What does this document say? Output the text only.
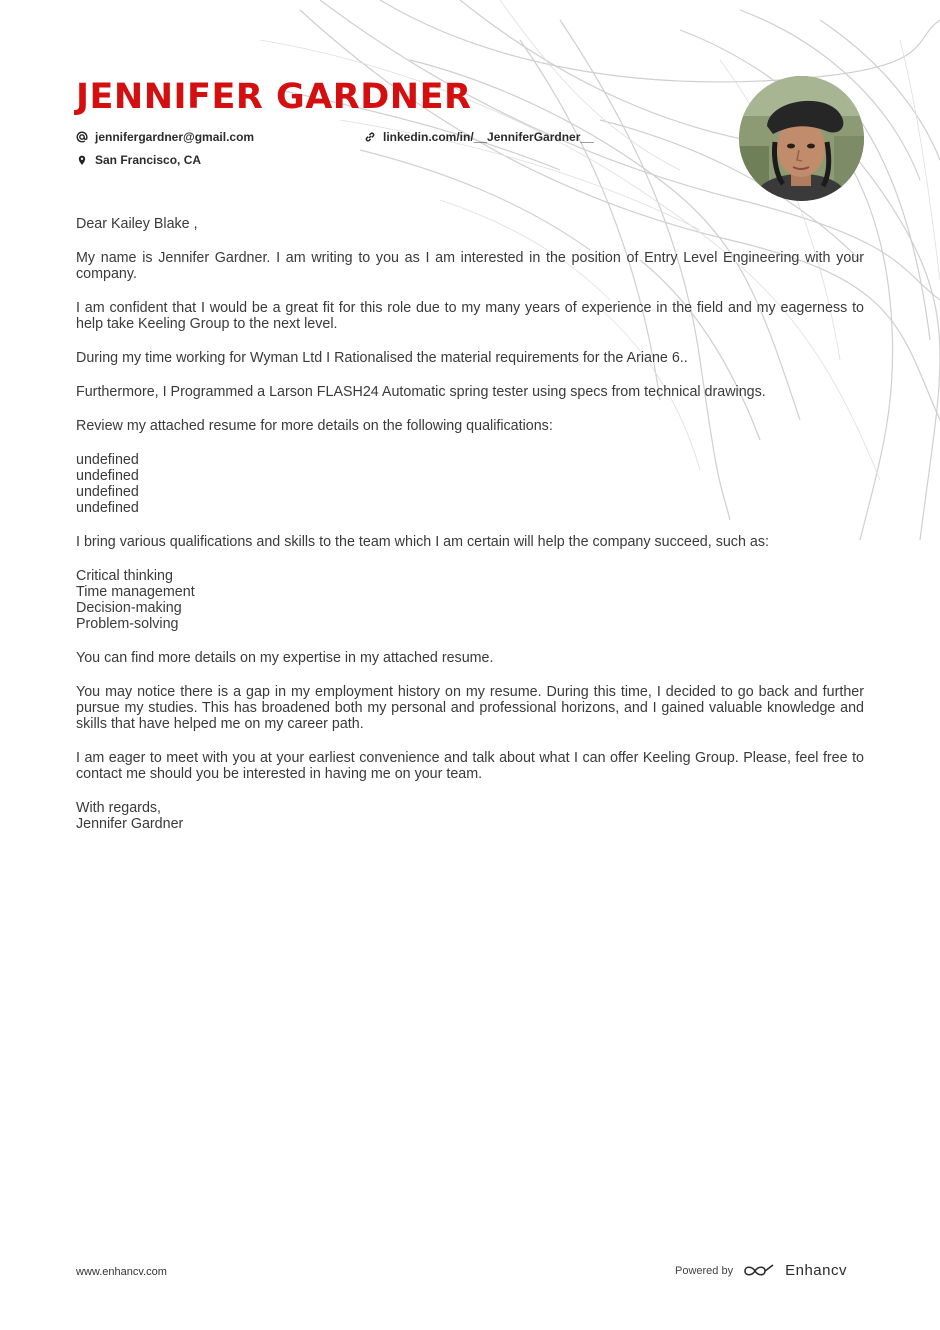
JENNIFER GARDNER
jennifergardner@gmail.com	linkedin.com/in/__JenniferGardner__
San Francisco, CA

Dear Kailey Blake ,

My name is Jennifer Gardner. I am writing to you as I am interested in the position of Entry Level Engineering with your company.

I am confident that I would be a great fit for this role due to my many years of experience in the field and my eagerness to help take Keeling Group to the next level.

During my time working for Wyman Ltd I Rationalised the material requirements for the Ariane 6..

Furthermore, I Programmed a Larson FLASH24 Automatic spring tester using specs from technical drawings.

Review my attached resume for more details on the following qualifications:

undefined
undefined
undefined
undefined

I bring various qualifications and skills to the team which I am certain will help the company succeed, such as:

Critical thinking
Time management
Decision-making
Problem-solving

You can find more details on my expertise in my attached resume.

You may notice there is a gap in my employment history on my resume. During this time, I decided to go back and further pursue my studies. This has broadened both my personal and professional horizons, and I gained valuable knowledge and skills that have helped me on my career path.

I am eager to meet with you at your earliest convenience and talk about what I can offer Keeling Group. Please, feel free to contact me should you be interested in having me on your team.

With regards,
Jennifer Gardner
www.enhancv.com	Powered by	Enhancv
